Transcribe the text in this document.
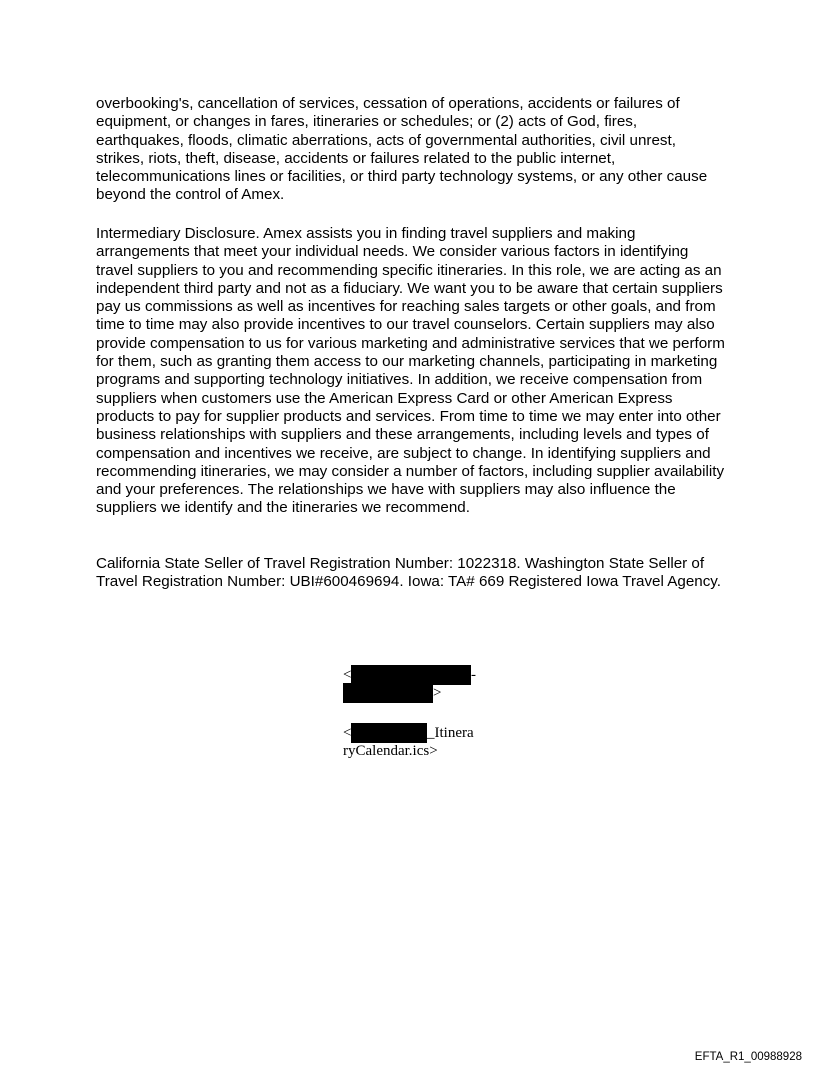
overbooking's, cancellation of services, cessation of operations, accidents or failures of equipment, or changes in fares, itineraries or schedules; or (2) acts of God, fires, earthquakes, floods, climatic aberrations, acts of governmental authorities, civil unrest, strikes, riots, theft, disease, accidents or failures related to the public internet, telecommunications lines or facilities, or third party technology systems, or any other cause beyond the control of Amex.

Intermediary Disclosure. Amex assists you in finding travel suppliers and making arrangements that meet your individual needs. We consider various factors in identifying travel suppliers to you and recommending specific itineraries. In this role, we are acting as an independent third party and not as a fiduciary. We want you to be aware that certain suppliers pay us commissions as well as incentives for reaching sales targets or other goals, and from time to time may also provide incentives to our travel counselors. Certain suppliers may also provide compensation to us for various marketing and administrative services that we perform for them, such as granting them access to our marketing channels, participating in marketing programs and supporting technology initiatives. In addition, we receive compensation from suppliers when customers use the American Express Card or other American Express products to pay for supplier products and services. From time to time we may enter into other business relationships with suppliers and these arrangements, including levels and types of compensation and incentives we receive, are subject to change. In identifying suppliers and recommending itineraries, we may consider a number of factors, including supplier availability and your preferences. The relationships we have with suppliers may also influence the suppliers we identify and the itineraries we recommend.

California State Seller of Travel Registration Number: 1022318. Washington State Seller of Travel Registration Number: UBI#600469694. Iowa: TA# 669 Registered Iowa Travel Agency.

<	-
>
<	_Itinera
ryCalendar.ics>
EFTA_R1_00988928
